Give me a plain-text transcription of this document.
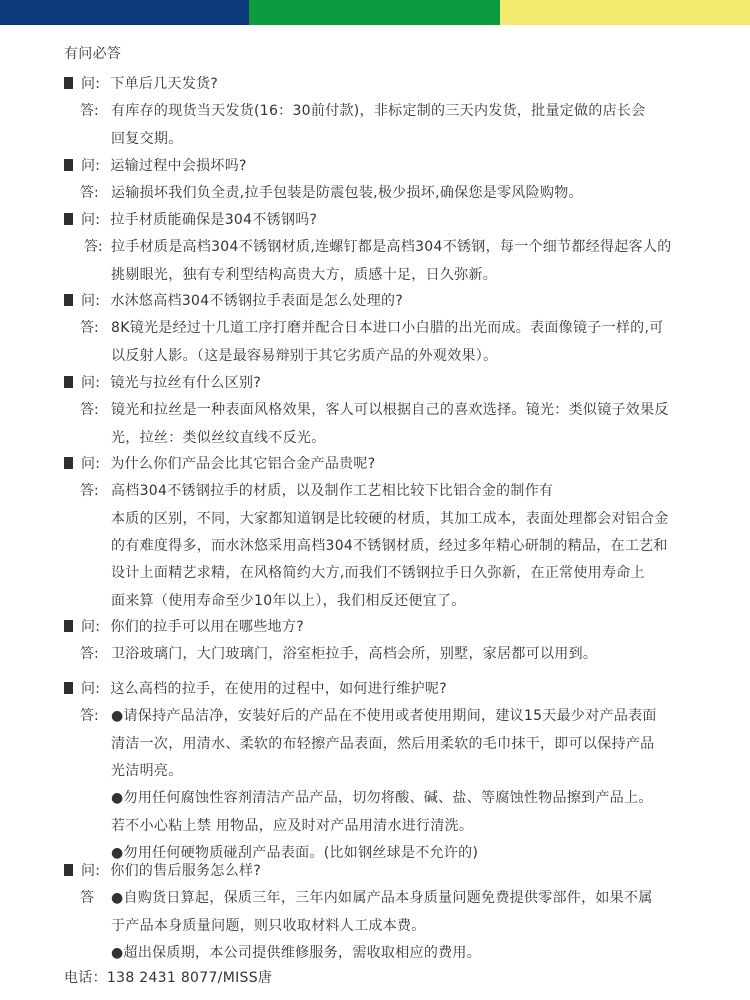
有问必答
问: 下单后几天发货?
答: 有库存的现货当天发货(16：30前付款)，非标定制的三天内发货，批量定做的店长会
回复交期。
问: 运输过程中会损坏吗?
答: 运输损坏我们负全责,拉手包装是防震包装,极少损坏,确保您是零风险购物。
问: 拉手材质能确保是304不锈钢吗?
答: 拉手材质是高档304不锈钢材质,连螺钉都是高档304不锈钢，每一个细节都经得起客人的
挑剔眼光，独有专利型结构高贵大方，质感十足，日久弥新。
问: 水沐悠高档304不锈钢拉手表面是怎么处理的?
答: 8K镜光是经过十几道工序打磨并配合日本进口小白腊的出光而成。表面像镜子一样的,可
以反射人影。（这是最容易辩别于其它劣质产品的外观效果）。
问: 镜光与拉丝有什么区别?
答: 镜光和拉丝是一种表面风格效果，客人可以根据自己的喜欢选择。镜光：类似镜子效果反
光，拉丝：类似丝纹直线不反光。
问: 为什么你们产品会比其它铝合金产品贵呢?
答: 高档304不锈钢拉手的材质，以及制作工艺相比较下比铝合金的制作有
本质的区别，不同，大家都知道钢是比较硬的材质，其加工成本，表面处理都会对铝合金
的有难度得多，而水沐悠采用高档304不锈钢材质，经过多年精心研制的精品，在工艺和
设计上面精艺求精，在风格简约大方,而我们不锈钢拉手日久弥新，在正常使用寿命上
面来算（使用寿命至少10年以上），我们相反还便宜了。
问: 你们的拉手可以用在哪些地方?
答: 卫浴玻璃门，大门玻璃门，浴室柜拉手，高档会所，别墅，家居都可以用到。
问: 这么高档的拉手，在使用的过程中，如何进行维护呢?
答: ●请保持产品洁净，安装好后的产品在不使用或者使用期间，建议15天最少对产品表面
清洁一次，用清水、柔软的布轻擦产品表面，然后用柔软的毛巾抹干，即可以保持产品
光洁明亮。
●勿用任何腐蚀性容剂清洁产品产品，切勿将酸、碱、盐、等腐蚀性物品擦到产品上。
若不小心粘上禁 用物品，应及时对产品用清水进行清洗。
●勿用任何硬物质碰刮产品表面。(比如钢丝球是不允许的)
问: 你们的售后服务怎么样?
答 ●自购货日算起，保质三年，三年内如属产品本身质量问题免费提供零部件，如果不属
于产品本身质量问题，则只收取材料人工成本费。
●超出保质期，本公司提供维修服务，需收取相应的费用。
电话：138 2431 8077/MISS唐
